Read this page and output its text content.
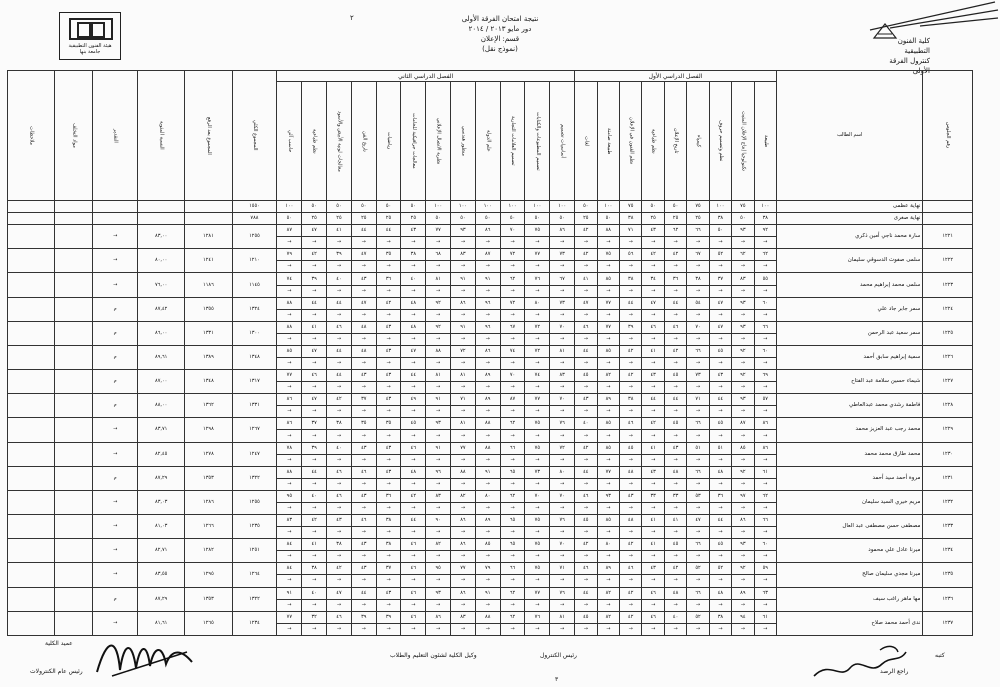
هيئة الفنون التطبيقية جامعة بنها
٢	نتيجة امتحان الفرقة الأولى
دور مايو ٢٠١٣ / ٢٠١٤
قسم: الإعلان
(نموذج نقل)
كلية الفنون التطبيقية
كنترول الفرقة الأولى
رقم الجلوس	اسم الطالب	الفصل الدراسي الأول									الفصل الدراسي الثاني												المجموع الكلي	المجموع بعد الرفع	النسبة المئوية	التقدير	مواد التخلف	ملاحظات
		طبيعة	تكنولوجيا إنتاج الإعلان المثبت	نظم وتصميم حروف	كيمياء	تاريخ الإعلان	نظم طباعية	نظم الفنون في الإعلان	طبيعة صامتة	لغات	أساسيات تصميم	تصميم المطبوعات والكتابات	تصميم العلامات التجارية	علم الدولة	منظور هندسي	نظرية الاتصال الإعلاني	معالجات جرافيكية للخامات	رياضيات	تاريخ الفن	معالجات لونية الأبيض والأسود	نظم طباعية	حاسب آلي						
	نهاية عظمى	١٠٠	٧٥	١٠٠	٧٥	٥٠	٥٠	٧٥	١٠٠	٥٠	١٠٠	١٠٠	١٠٠	١٠٠	١٠٠	١٠٠	٥٠	٥٠	٥٠	٥٠	٥٠	١٠٠	١٥٥٠					
	نهاية صغرى	٣٨	٥٠	٣٨	٢٥	٢٥	٢٥	٣٨	٥٠	٢٥	٥٠	٥٠	٥٠	٥٠	٥٠	٥٠	٢٥	٢٥	٢٥	٢٥	٢٥	٥٠	٧٨٨					
١٢٢١	سارة محمد ناجي أمين ذكري	٩٢	٩٣	٥٠	٦٦	٦٢	٤٣	٧١	٨٨	٤٢	٨٦	٧٥	٧٠	٨٦	٩٣	٧٧	٤٣	٤٤	٤٤	٤١	٤٧	٨٧	١٢٥٥	١٢٨١	٨٣,٠٠	→		
		→	→	→	→	→	→	→	→	→	→	→	→	→	→	→	→	→	→	→	→	→						
١٢٢٢	سلمى صفوت الدسوقي سليمان	٦٢	٦٢	٥٢	٦٧	٤٢	٤٢	٥٦	٧٥	٤٢	٧٣	٧٧	٧٢	٨٧	٨٣	٦٨	٣٨	٣٥	٤٧	٣٩	٤٢	٧٩	١٢١٠	١٢٤١	٨٠,٠٠	→		
		→	→	→	→	→	→	→	→	→	→	→	→	→	→	→	→	→	→	→	→	→						
١٢٢٣	سلمى محمد إبراهيم محمد	٥٥	٨٣	٣٧	٣٨	٣٦	٣٤	٣٨	٨٥	٤١	٦٧	٧٦	٦٢	٩١	٩١	٨١	٤٠	٣٦	٤٣	٤٠	٣٩	٧٤	١١٤٥	١١٨٦	٧٦,٠٠	→		
		→	→	→	→	→	→	→	→	→	→	→	→	→	→	→	→	→	→	→	→	→						
١٢٢٤	سمر جابر جاد علي	٦٠	٩٣	٤٧	٥٤	٤٤	٤٧	٤٤	٧٧	٤٧	٧٣	٨٠	٧٢	٩٦	٨٦	٩٢	٤٨	٤٢	٤٧	٤٤	٤٤	٨٨	١٣٢٤	١٣٥٥	٨٧,٤٢	م		
		→	→	→	→	→	→	→	→	→	→	→	→	→	→	→	→	→	→	→	→	→						
١٢٢٥	سمر سعيد عبد الرحمن	٦٦	٩٣	٤٧	٧٠	٤٦	٤٦	٣٩	٧٧	٤٦	٧٠	٧٢	٦٧	٩٦	٩١	٩٢	٤٨	٤٣	٤٨	٤٦	٤١	٨٨	١٣٠٠	١٣٣١	٨٦,٠٠	م		
		→	→	→	→	→	→	→	→	→	→	→	→	→	→	→	→	→	→	→	→	→						
١٢٢٦	سمية إبراهيم سابق أحمد	٦٠	٩٢	٤٥	٦٦	٤٢	٤١	٤٢	٨٥	٤٤	٨١	٧٢	٧٤	٨٦	٧٢	٨٨	٤٧	٤٣	٤٨	٤٤	٤٧	٨٥	١٣٤٨	١٣٨٩	٨٩,٦١	م		
		→	→	→	→	→	→	→	→	→	→	→	→	→	→	→	→	→	→	→	→	→						
١٢٢٧	شيماء حسين سلامة عبد الفتاح	٦٩	٩٢	٤٣	٧٣	٤٥	٤٣	٤٢	٨٢	٤٥	٨٣	٧٤	٧٠	٨٩	٨١	٨١	٤٤	٤٣	٤٣	٤٤	٤٦	٧٧	١٣١٧	١٣٤٨	٨٧,٠٠	م		
		→	→	→	→	→	→	→	→	→	→	→	→	→	→	→	→	→	→	→	→	→						
١٢٢٨	فاطمة رشدي محمد عبدالعاطي	٥٧	٩٣	٤٤	٧١	٤٤	٤٤	٣٨	٨٩	٤٣	٧٠	٧٧	٨٧	٨٩	٧١	٩١	٤٩	٤٣	٣٧	٤٢	٤٧	٨٦	١٣٣١	١٣٦٢	٨٨,٠٠	م		
		→	→	→	→	→	→	→	→	→	→	→	→	→	→	→	→	→	→	→	→	→						
١٢٢٩	محمد رجب عبد العزيز محمد	٨٦	٨٧	٤٥	٦٦	٤٥	٤٢	٤٦	٨٥	٤٠	٧٦	٧٥	٦٢	٨٨	٨١	٩٣	٤٥	٣٥	٣٥	٣٨	٣٧	٨٦	١٢٦٧	١٢٩٨	٨٣,٧١	→		
		→	→	→	→	→	→	→	→	→	→	→	→	→	→	→	→	→	→	→	→	→						
١٢٣٠	محمد طارق محمد محمد	٨٦	٨٥	٥١	٥١	٤٣	٤١	٤٥	٨٥	٤٢	٧٢	٧٥	٦٦	٨٨	٧٧	٩١	٤٦	٤٣	٤٣	٤٠	٣٩	٧٨	١٢٤٧	١٢٧٨	٨٢,٤٥	→		
		→	→	→	→	→	→	→	→	→	→	→	→	→	→	→	→	→	→	→	→	→						
١٢٣١	مروة أحمد سيد أحمد	٦١	٩٢	٤٨	٦٦	٤٨	٤٣	٤٨	٧٧	٤٤	٨٠	٧٣	٦٥	٩١	٨٨	٩٦	٤٨	٤٣	٤٦	٤٦	٤٤	٨٨	١٣٢٢	١٣٥٣	٨٧,٢٩	م		
		→	→	→	→	→	→	→	→	→	→	→	→	→	→	→	→	→	→	→	→	→						
١٢٣٢	مريم خيري السيد سليمان	٦٢	٩٧	٣٦	٥٣	٣٣	٣٣	٤٣	٩٣	٤٦	٧٠	٧٠	٦٢	٨٠	٨٢	٨٣	٤٢	٣٦	٤٣	٤٦	٤٠	٩٥	١٢٥٥	١٢٨٦	٨٣,٠٣	→		
		→	→	→	→	→	→	→	→	→	→	→	→	→	→	→	→	→	→	→	→	→						
١٢٣٣	مصطفى حسن مصطفى عبد العال	٦٦	٨٦	٤٤	٤٧	٤١	٤١	٤٨	٨٥	٤٥	٧٦	٧٥	٦٥	٨٩	٨٦	٩٠	٤٤	٣٨	٤٦	٤٣	٤٢	٨٣	١٢٣٥	١٢٦٦	٨١,٠٣	→		
		→	→	→	→	→	→	→	→	→	→	→	→	→	→	→	→	→	→	→	→	→						
١٢٣٤	ميرنا عادل علي محمود	٦٠	٩٣	٤٥	٦٦	٤٥	٤١	٤٢	٨٠	٤٢	٧٠	٧٥	٦٥	٨٥	٨٦	٨٢	٤٦	٣٨	٤٣	٣٨	٤١	٨٤	١٢٥١	١٢٨٢	٨٢,٧١	→		
		→	→	→	→	→	→	→	→	→	→	→	→	→	→	→	→	→	→	→	→	→						
١٢٣٥	ميرنا مجدي سليمان صالح	٥٩	٩٢	٥٢	٥٢	٤٢	٤٣	٤٦	٨٩	٤٦	٧١	٧٥	٦٦	٧٩	٧٧	٩٥	٤٦	٣٧	٤٣	٤٢	٣٨	٨٤	١٢٦٤	١٢٩٥	٨٣,٥٥	→		
		→	→	→	→	→	→	→	→	→	→	→	→	→	→	→	→	→	→	→	→	→						
١٢٣٦	مها ماهر راغب سيف	٦٣	٨٩	٤٨	٦٦	٤٨	٤٦	٤٢	٨٢	٤٤	٧٦	٧٧	٦٢	٩١	٨٦	٩٣	٤٦	٤٣	٤٤	٤٧	٤٠	٩١	١٣٢٢	١٣٥٣	٨٧,٢٩	م		
		→	→	→	→	→	→	→	→	→	→	→	→	→	→	→	→	→	→	→	→	→						
١٢٣٧	ندى أحمد محمد صلاح	٦١	٩٤	٣٨	٥٢	٤٠	٤٦	٤٢	٨٢	٤٥	٨١	٧٦	٦٢	٨٨	٨٣	٨٦	٤٦	٣٩	٣٩	٤٦	٣٢	٧٧	١٢٣٤	١٢٦٥	٨١,٦١	→		
		→	→	→	→	→	→	→	→	→	→	→	→	→	→	→	→	→	→	→	→	→						
عميد الكلية
رئيس عام الكنترولات
وكيل الكلية لشئون التعليم والطلاب	رئيس الكنترول
٣
كتبه
راجع الرصد
